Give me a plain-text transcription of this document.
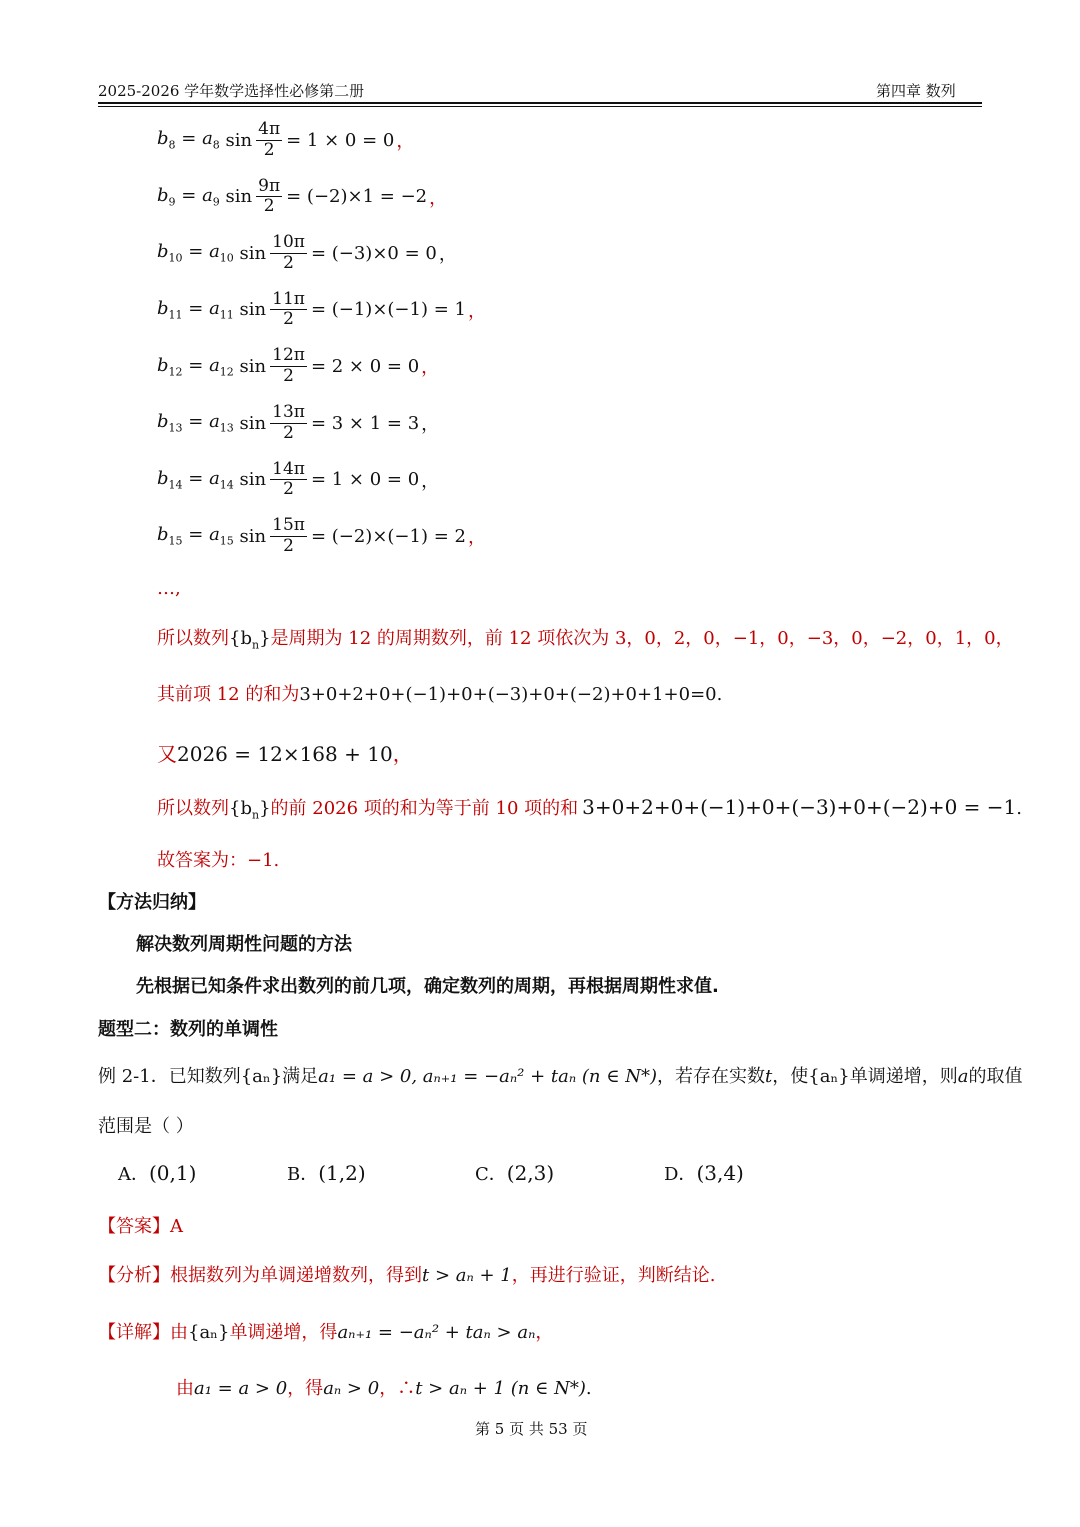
2025-2026 学年数学选择性必修第二册	第四章 数列
$b_8 = a_8$ $\sin \frac{4\pi}{2} = 1 \times 0 = 0$ ，
$b_9 = a_9$ $\sin \frac{9\pi}{2} = (-2)\times 1 = -2$ ，
$b_{10} = a_{10}$ $\sin \frac{10\pi}{2} = (-3)\times 0 = 0$ ，
$b_{11} = a_{11}$ $\sin \frac{11\pi}{2} = (-1)\times(-1) = 1$ ，
$b_{12} = a_{12}$ $\sin \frac{12\pi}{2} = 2 \times 0 = 0$ ，
$b_{13} = a_{13}$ $\sin \frac{13\pi}{2} = 3 \times 1 = 3$ ，
$b_{14} = a_{14}$ $\sin \frac{14\pi}{2} = 1 \times 0 = 0$ ，
$b_{15} = a_{15}$ $\sin \frac{15\pi}{2} = (-2)\times(-1) = 2$ ，
…,
所以数列$\{b_n\}$是周期为 12 的周期数列，前 12 项依次为 3，0，2，0，−1，0，−3，0，−2，0，1，0，
其前项 12 的和为3+0+2+0+(−1)+0+(−3)+0+(−2)+0+1+0=0.
又2026 = 12×168 + 10，
所以数列$\{b_n\}$的前 2026 项的和为等于前 10 项的和 3+0+2+0+(−1)+0+(−3)+0+(−2)+0 = −1.
故答案为：−1.
【方法归纳】
解决数列周期性问题的方法
先根据已知条件求出数列的前几项，确定数列的周期，再根据周期性求值.
题型二：数列的单调性
例 2-1．已知数列{aₙ}满足a₁ = a > 0, aₙ₊₁ = −aₙ² + taₙ (n ∈ N*)，若存在实数t，使{aₙ}单调递增，则a的取值
范围是（ ）
A．(0,1)	B．(1,2)	C．(2,3)	D．(3,4)
【答案】A
【分析】根据数列为单调递增数列，得到t > aₙ + 1，再进行验证，判断结论.
【详解】由{aₙ}单调递增，得aₙ₊₁ = −aₙ² + taₙ > aₙ，
由a₁ = a > 0，得aₙ > 0，∴t > aₙ + 1 (n ∈ N*).
第 5 页 共 53 页
